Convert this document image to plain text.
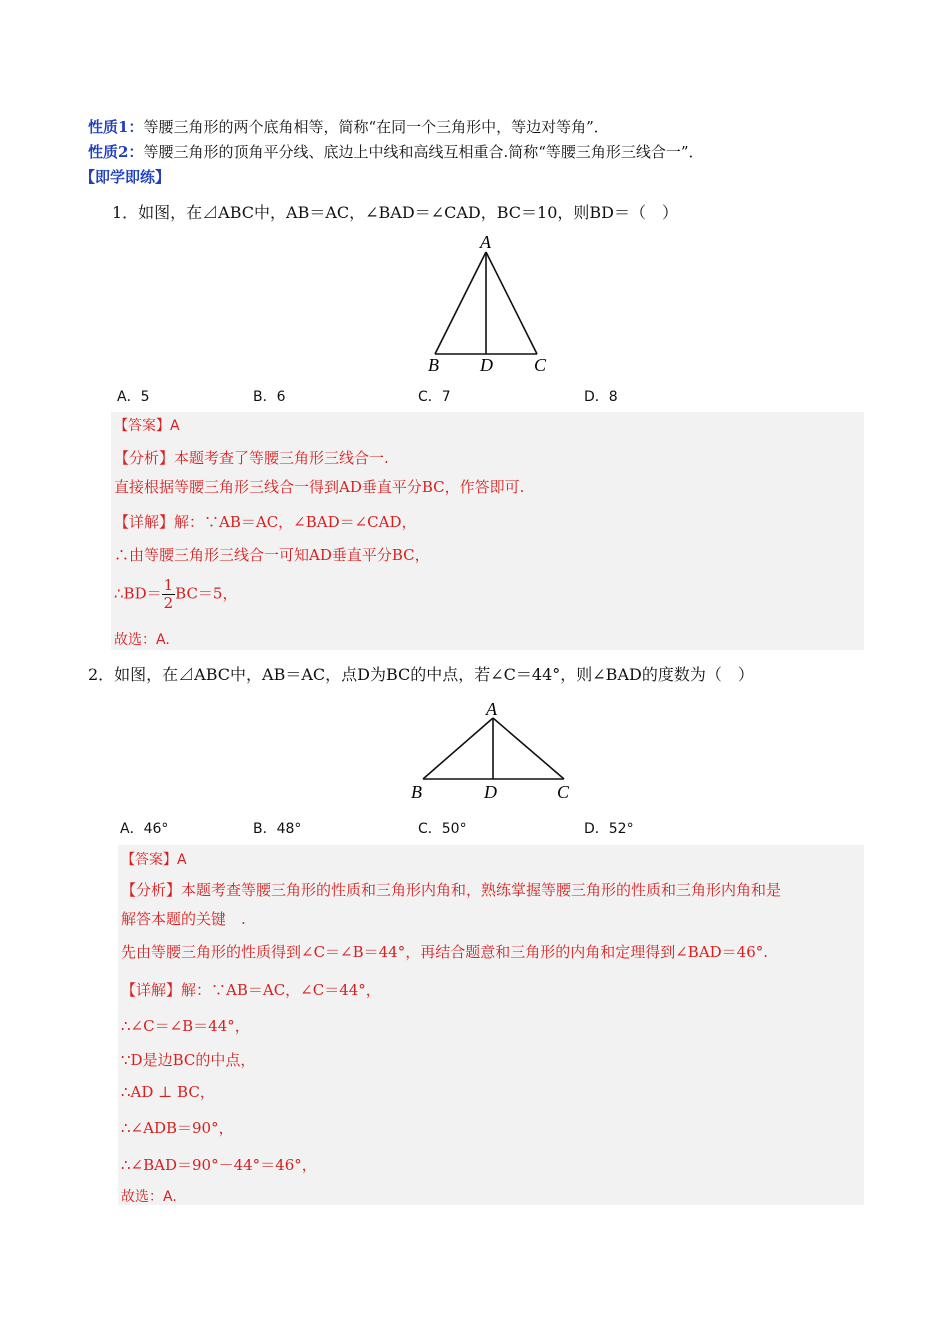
性质1：等腰三角形的两个底角相等，简称“在同一个三角形中，等边对等角”．
性质2：等腰三角形的顶角平分线、底边上中线和高线互相重合.简称“等腰三角形三线合一”．
【即学即练】
1．如图，在⊿ABC中，AB＝AC，∠BAD＝∠CAD，BC＝10，则BD＝（　）
A
B D C
A．5	B．6	C．7	D．8
【答案】A
【分析】本题考查了等腰三角形三线合一.
直接根据等腰三角形三线合一得到AD垂直平分BC，作答即可.
【详解】解：∵AB＝AC，∠BAD＝∠CAD，
∴由等腰三角形三线合一可知AD垂直平分BC，
∴BD＝ $\frac{1}{2} BC=5$，
故选：A.
2．如图，在⊿ABC中，AB＝AC，点D为BC的中点，若∠C＝44°，则∠BAD的度数为（　）
A
B	D	C
A．46°	B．48°	C．50°	D．52°
【答案】A
【分析】本题考查等腰三角形的性质和三角形内角和，熟练掌握等腰三角形的性质和三角形内角和是
解答本题的关键　.
先由等腰三角形的性质得到∠C＝∠B＝44°，再结合题意和三角形的内角和定理得到∠BAD＝46°.
【详解】解：∵AB＝AC，∠C＝44°，
∴∠C＝∠B＝44°，
∵D是边BC的中点，
∴AD ⊥ BC，
∴∠ADB＝90°，
∴∠BAD＝90°－44°＝46°，
故选：A.
